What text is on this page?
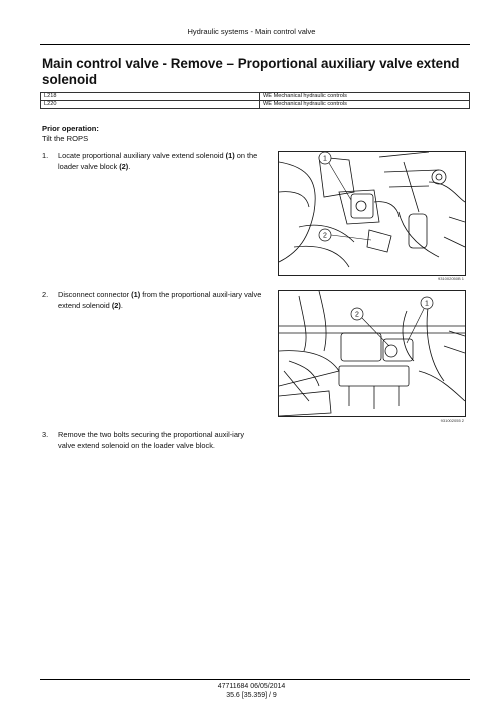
Hydraulic systems - Main control valve
Main control valve - Remove – Proportional auxiliary valve extend solenoid
L218	WE Mechanical hydraulic controls
L220	WE Mechanical hydraulic controls
Prior operation:
Tilt the ROPS
1. Locate proportional auxiliary valve extend solenoid (1) on the loader valve block (2).
1
2
931002050B 1
2. Disconnect connector (1) from the proportional auxil-iary valve extend solenoid (2).	1
2
931002055 2
3. Remove the two bolts securing the proportional auxil-iary valve extend solenoid on the loader valve block.
47711684 06/05/2014
35.6 [35.359] / 9
